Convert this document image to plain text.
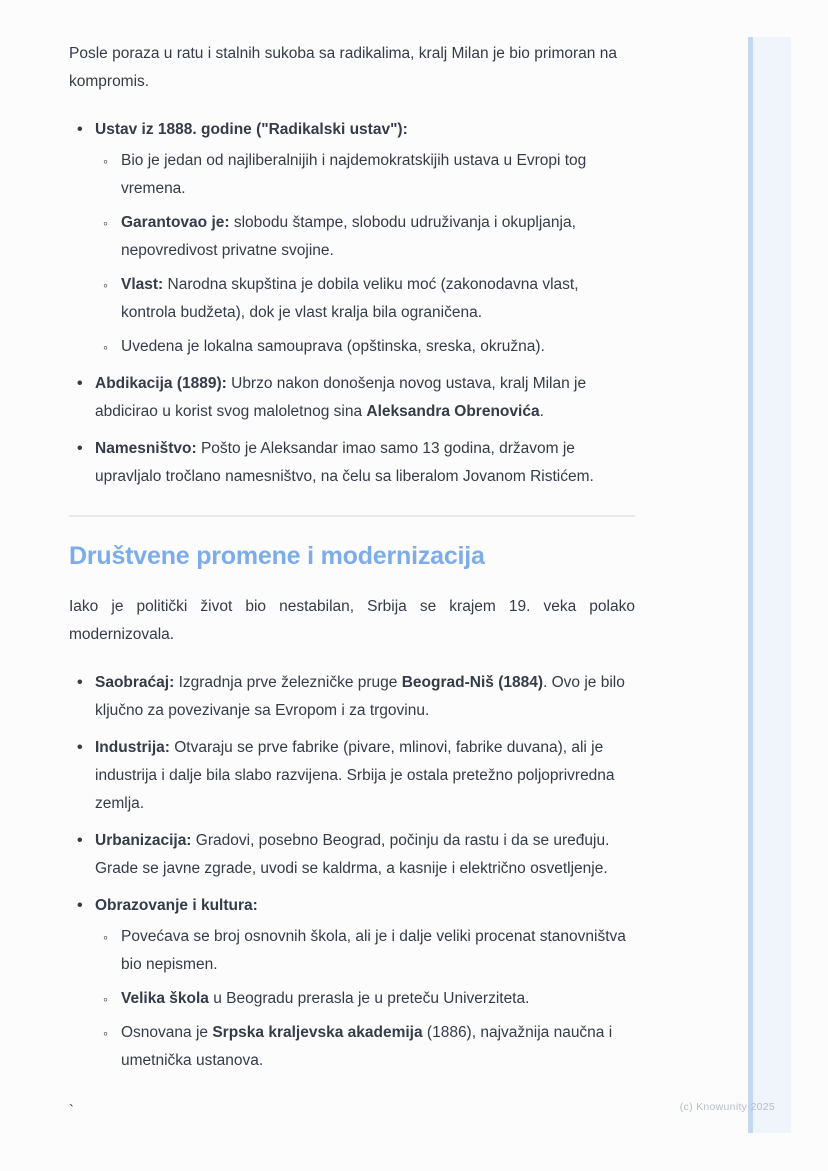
Posle poraza u ratu i stalnih sukoba sa radikalima, kralj Milan je bio primoran na kompromis.

• Ustav iz 1888. godine ("Radikalski ustav"):
◦ Bio je jedan od najliberalnijih i najdemokratskijih ustava u Evropi tog vremena.
◦ Garantovao je: slobodu štampe, slobodu udruživanja i okupljanja, nepovredivost privatne svojine.
◦ Vlast: Narodna skupština je dobila veliku moć (zakonodavna vlast, kontrola budžeta), dok je vlast kralja bila ograničena.
◦ Uvedena je lokalna samouprava (opštinska, sreska, okružna).
• Abdikacija (1889): Ubrzo nakon donošenja novog ustava, kralj Milan je abdicirao u korist svog maloletnog sina Aleksandra Obrenovića.
• Namesništvo: Pošto je Aleksandar imao samo 13 godina, državom je upravljalo tročlano namesništvo, na čelu sa liberalom Jovanom Ristićem.
Društvene promene i modernizacija

Iako je politički život bio nestabilan, Srbija se krajem 19. veka polako modernizovala.

• Saobraćaj: Izgradnja prve železničke pruge Beograd-Niš (1884). Ovo je bilo ključno za povezivanje sa Evropom i za trgovinu.
• Industrija: Otvaraju se prve fabrike (pivare, mlinovi, fabrike duvana), ali je industrija i dalje bila slabo razvijena. Srbija je ostala pretežno poljoprivredna zemlja.
• Urbanizacija: Gradovi, posebno Beograd, počinju da rastu i da se uređuju. Grade se javne zgrade, uvodi se kaldrma, a kasnije i električno osvetljenje.
• Obrazovanje i kultura:
◦ Povećava se broj osnovnih škola, ali je i dalje veliki procenat stanovništva bio nepismen.
◦ Velika škola u Beogradu prerasla je u preteču Univerziteta.
◦ Osnovana je Srpska kraljevska akademija (1886), najvažnija naučna i umetnička ustanova.

`	(c) Knowunity 2025
